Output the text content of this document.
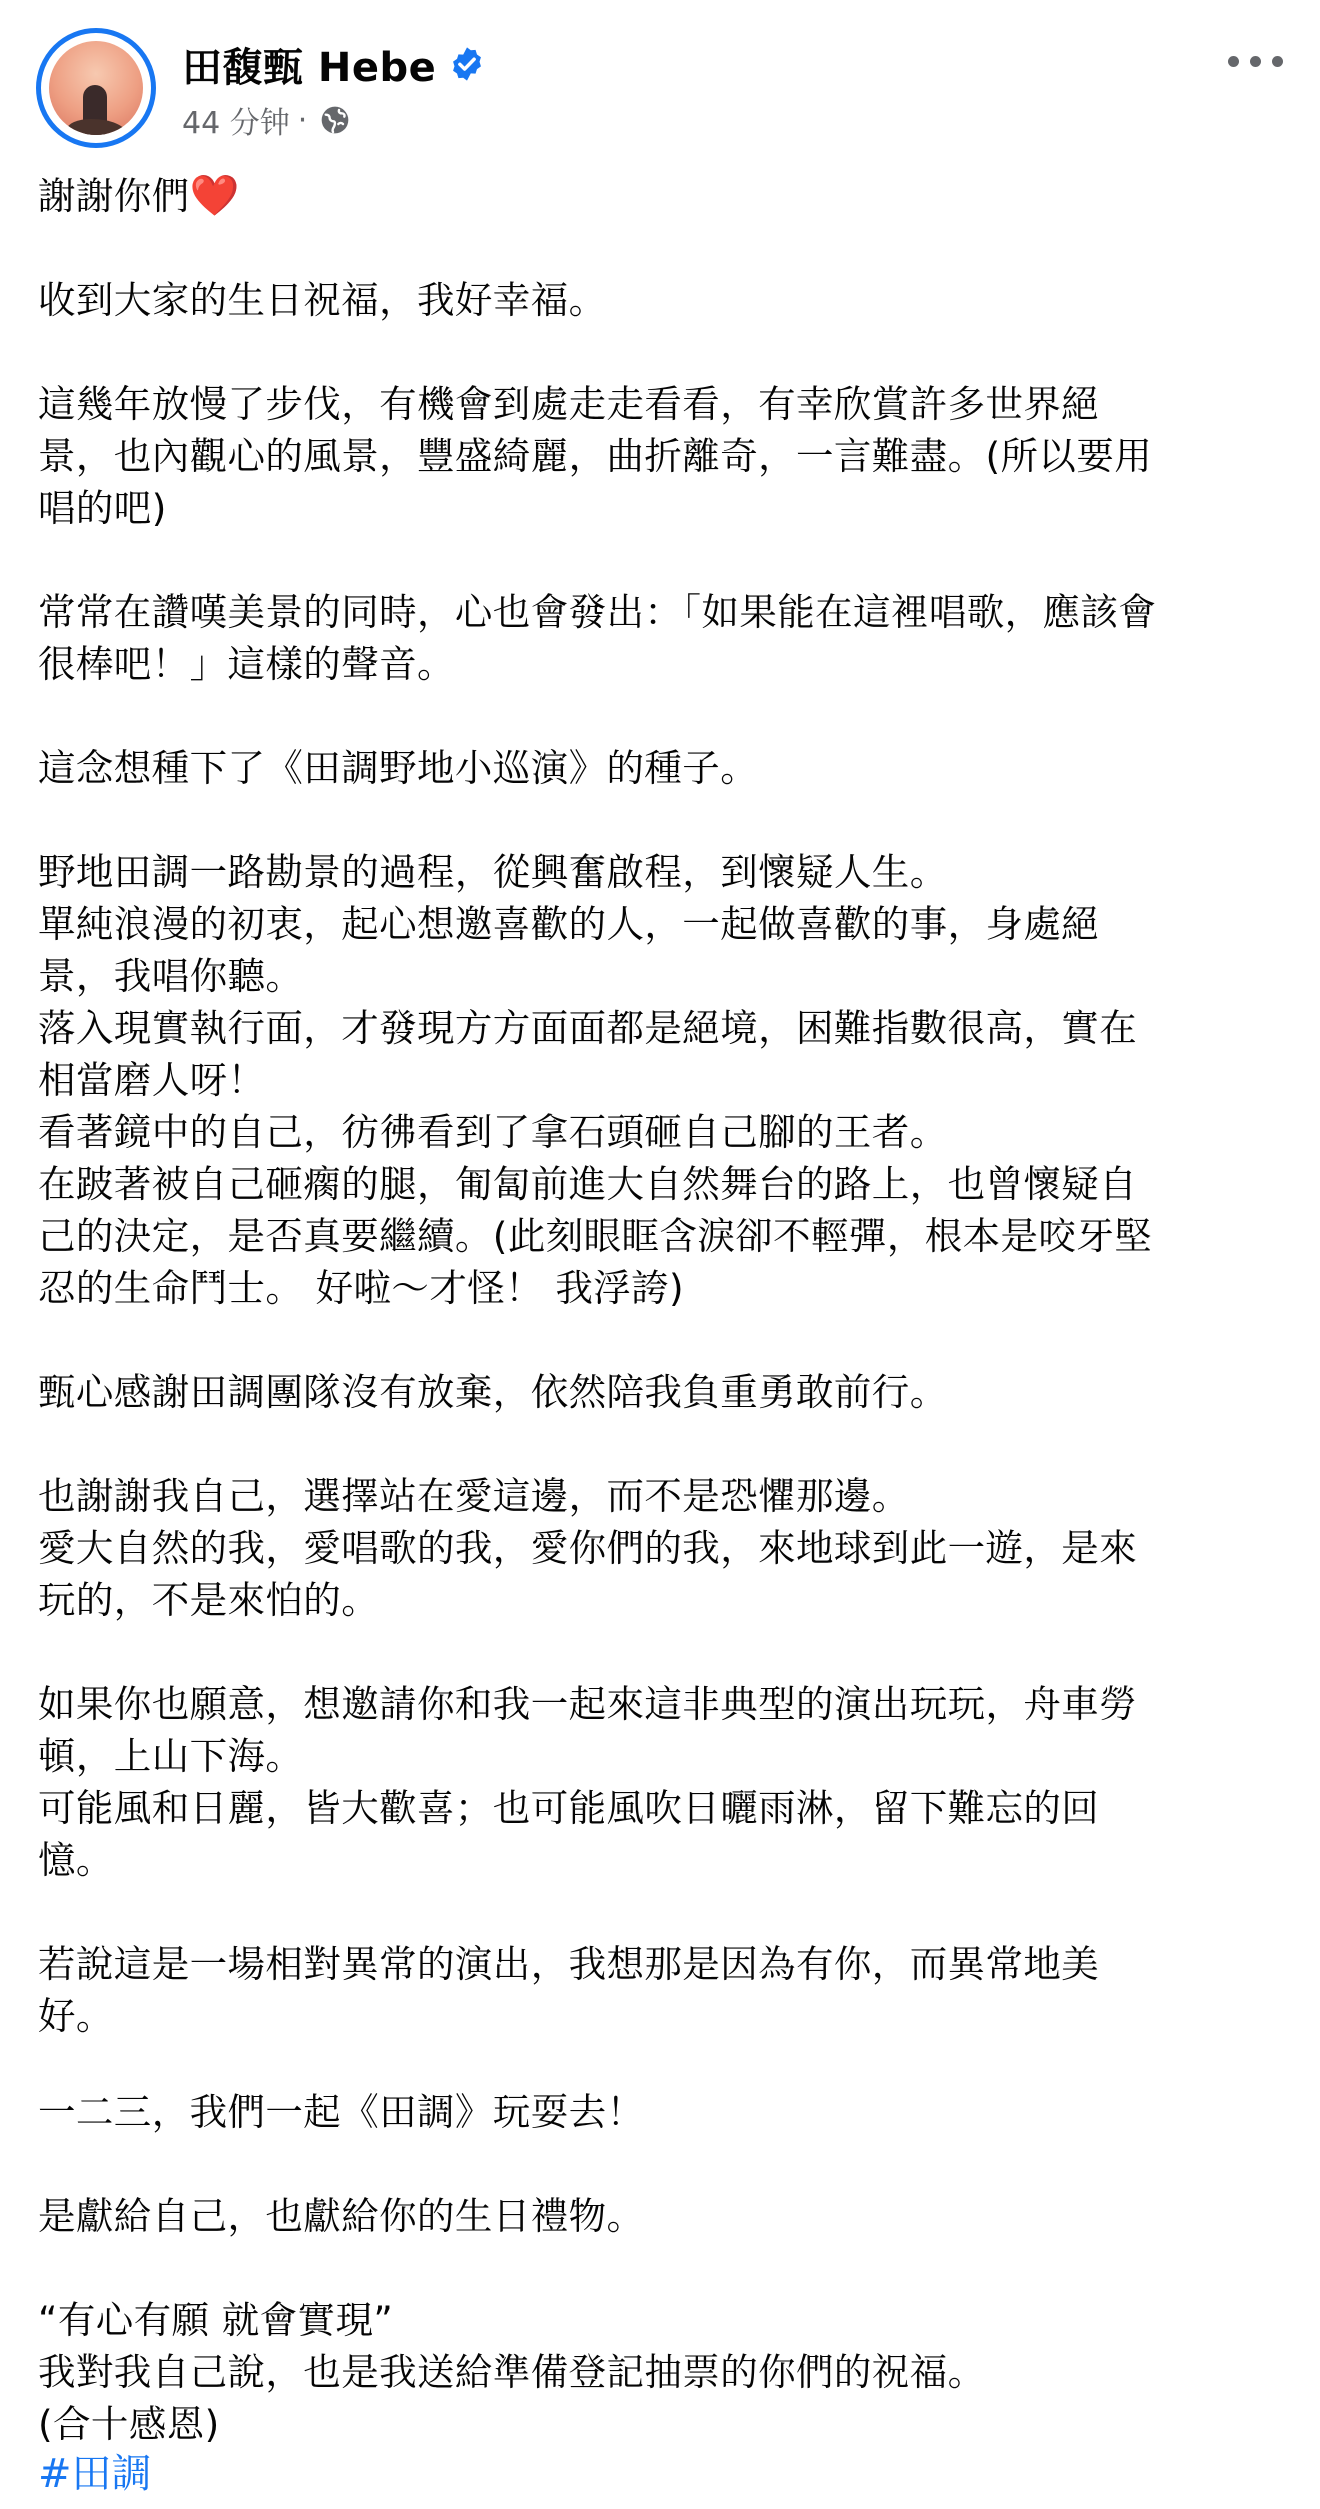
田馥甄 Hebe
44 分钟 ·

謝謝你們❤️

收到大家的生日祝福，我好幸福。

這幾年放慢了步伐，有機會到處走走看看，有幸欣賞許多世界絕
景，也內觀心的風景，豐盛綺麗，曲折離奇，一言難盡。(所以要用
唱的吧)

常常在讚嘆美景的同時，心也會發出：「如果能在這裡唱歌，應該會
很棒吧！」這樣的聲音。

這念想種下了《田調野地小巡演》的種子。

野地田調一路勘景的過程，從興奮啟程，到懷疑人生。
單純浪漫的初衷，起心想邀喜歡的人，一起做喜歡的事，身處絕
景，我唱你聽。
落入現實執行面，才發現方方面面都是絕境，困難指數很高，實在
相當磨人呀！
看著鏡中的自己，彷彿看到了拿石頭砸自己腳的王者。
在跛著被自己砸瘸的腿，匍匐前進大自然舞台的路上，也曾懷疑自
己的決定，是否真要繼續。(此刻眼眶含淚卻不輕彈，根本是咬牙堅
忍的生命鬥士。 好啦～才怪！ 我浮誇)

甄心感謝田調團隊沒有放棄，依然陪我負重勇敢前行。

也謝謝我自己，選擇站在愛這邊，而不是恐懼那邊。
愛大自然的我，愛唱歌的我，愛你們的我，來地球到此一遊，是來
玩的，不是來怕的。

如果你也願意，想邀請你和我一起來這非典型的演出玩玩，舟車勞
頓，上山下海。
可能風和日麗，皆大歡喜；也可能風吹日曬雨淋，留下難忘的回
憶。

若說這是一場相對異常的演出，我想那是因為有你，而異常地美
好。

一二三，我們一起《田調》玩耍去！

是獻給自己，也獻給你的生日禮物。

“有心有願 就會實現”
我對我自己說，也是我送給準備登記抽票的你們的祝福。
(合十感恩)

#田調
